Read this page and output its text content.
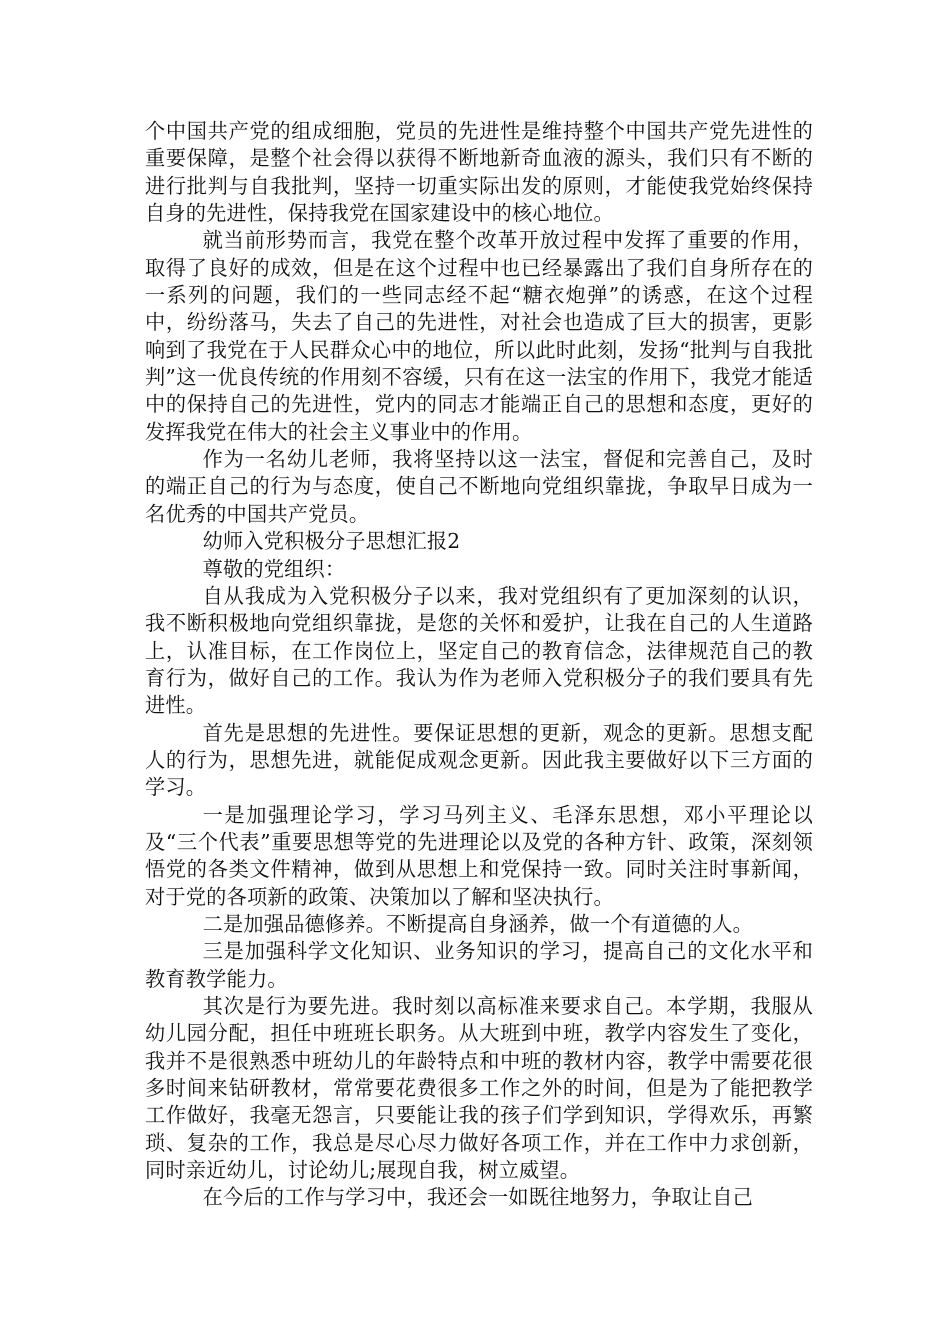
个中国共产党的组成细胞，党员的先进性是维持整个中国共产党先进性的重要保障，是整个社会得以获得不断地新奇血液的源头，我们只有不断的进行批判与自我批判，坚持一切重实际出发的原则，才能使我党始终保持自身的先进性，保持我党在国家建设中的核心地位。

就当前形势而言，我党在整个改革开放过程中发挥了重要的作用，取得了良好的成效，但是在这个过程中也已经暴露出了我们自身所存在的一系列的问题，我们的一些同志经不起“糖衣炮弹”的诱惑，在这个过程中，纷纷落马，失去了自己的先进性，对社会也造成了巨大的损害，更影响到了我党在于人民群众心中的地位，所以此时此刻，发扬“批判与自我批判”这一优良传统的作用刻不容缓，只有在这一法宝的作用下，我党才能适中的保持自己的先进性，党内的同志才能端正自己的思想和态度，更好的发挥我党在伟大的社会主义事业中的作用。

作为一名幼儿老师，我将坚持以这一法宝，督促和完善自己，及时的端正自己的行为与态度，使自己不断地向党组织靠拢，争取早日成为一名优秀的中国共产党员。

幼师入党积极分子思想汇报2

尊敬的党组织：

自从我成为入党积极分子以来，我对党组织有了更加深刻的认识，我不断积极地向党组织靠拢，是您的关怀和爱护，让我在自己的人生道路上，认准目标，在工作岗位上，坚定自己的教育信念，法律规范自己的教育行为，做好自己的工作。我认为作为老师入党积极分子的我们要具有先进性。

首先是思想的先进性。要保证思想的更新，观念的更新。思想支配人的行为，思想先进，就能促成观念更新。因此我主要做好以下三方面的学习。

一是加强理论学习，学习马列主义、毛泽东思想，邓小平理论以及“三个代表”重要思想等党的先进理论以及党的各种方针、政策，深刻领悟党的各类文件精神，做到从思想上和党保持一致。同时关注时事新闻，对于党的各项新的政策、决策加以了解和坚决执行。

二是加强品德修养。不断提高自身涵养，做一个有道德的人。

三是加强科学文化知识、业务知识的学习，提高自己的文化水平和教育教学能力。

其次是行为要先进。我时刻以高标准来要求自己。本学期，我服从幼儿园分配，担任中班班长职务。从大班到中班，教学内容发生了变化，我并不是很熟悉中班幼儿的年龄特点和中班的教材内容，教学中需要花很多时间来钻研教材，常常要花费很多工作之外的时间，但是为了能把教学工作做好，我毫无怨言，只要能让我的孩子们学到知识，学得欢乐，再繁琐、复杂的工作，我总是尽心尽力做好各项工作，并在工作中力求创新，同时亲近幼儿，讨论幼儿;展现自我，树立威望。

在今后的工作与学习中，我还会一如既往地努力，争取让自己
